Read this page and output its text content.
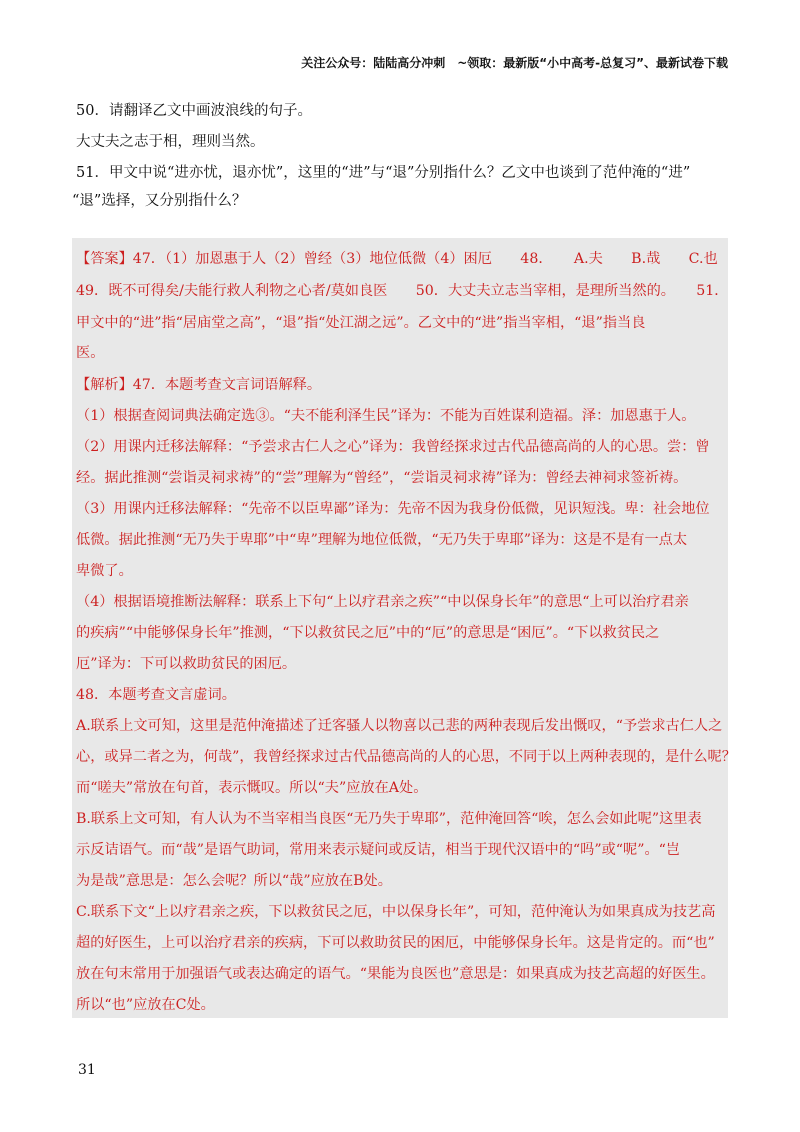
关注公众号：陆陆高分冲刺　~领取：最新版“小中高考-总复习”、最新试卷下载
50．请翻译乙文中画波浪线的句子。
大丈夫之志于相，理则当然。
51．甲文中说“进亦忧，退亦忧”，这里的“进”与“退”分别指什么？乙文中也谈到了范仲淹的“进”
“退”选择，又分别指什么？
【答案】47．（1）加恩惠于人（2）曾经（3）地位低微（4）困厄　　48．　　A.夫　　B.哉　　C.也
49．既不可得矣/夫能行救人利物之心者/莫如良医　　50．大丈夫立志当宰相，是理所当然的。　　51．
甲文中的“进”指“居庙堂之高”，“退”指“处江湖之远”。乙文中的“进”指当宰相，“退”指当良
医。
【解析】47．本题考查文言词语解释。
（1）根据查阅词典法确定选③。“夫不能利泽生民”译为：不能为百姓谋利造福。泽：加恩惠于人。
（2）用课内迁移法解释：“予尝求古仁人之心”译为：我曾经探求过古代品德高尚的人的心思。尝：曾
经。据此推测“尝诣灵祠求祷”的“尝”理解为“曾经”，“尝诣灵祠求祷”译为：曾经去神祠求签祈祷。
（3）用课内迁移法解释：“先帝不以臣卑鄙”译为：先帝不因为我身份低微，见识短浅。卑：社会地位
低微。据此推测“无乃失于卑耶”中“卑”理解为地位低微，“无乃失于卑耶”译为：这是不是有一点太
卑微了。
（4）根据语境推断法解释：联系上下句“上以疗君亲之疾”“中以保身长年”的意思“上可以治疗君亲
的疾病”“中能够保身长年”推测，“下以救贫民之厄”中的“厄”的意思是“困厄”。“下以救贫民之
厄”译为：下可以救助贫民的困厄。
48．本题考查文言虚词。
A.联系上文可知，这里是范仲淹描述了迁客骚人以物喜以己悲的两种表现后发出慨叹，“予尝求古仁人之
心，或异二者之为，何哉”，我曾经探求过古代品德高尚的人的心思，不同于以上两种表现的，是什么呢？
而“嗟夫”常放在句首，表示慨叹。所以“夫”应放在A处。
B.联系上文可知，有人认为不当宰相当良医“无乃失于卑耶”，范仲淹回答“唉，怎么会如此呢”这里表
示反诘语气。而“哉”是语气助词，常用来表示疑问或反诘，相当于现代汉语中的“吗”或“呢”。“岂
为是哉”意思是：怎么会呢？所以“哉”应放在B处。
C.联系下文“上以疗君亲之疾，下以救贫民之厄，中以保身长年”，可知，范仲淹认为如果真成为技艺高
超的好医生，上可以治疗君亲的疾病，下可以救助贫民的困厄，中能够保身长年。这是肯定的。而“也”
放在句末常用于加强语气或表达确定的语气。“果能为良医也”意思是：如果真成为技艺高超的好医生。
所以“也”应放在C处。
31
